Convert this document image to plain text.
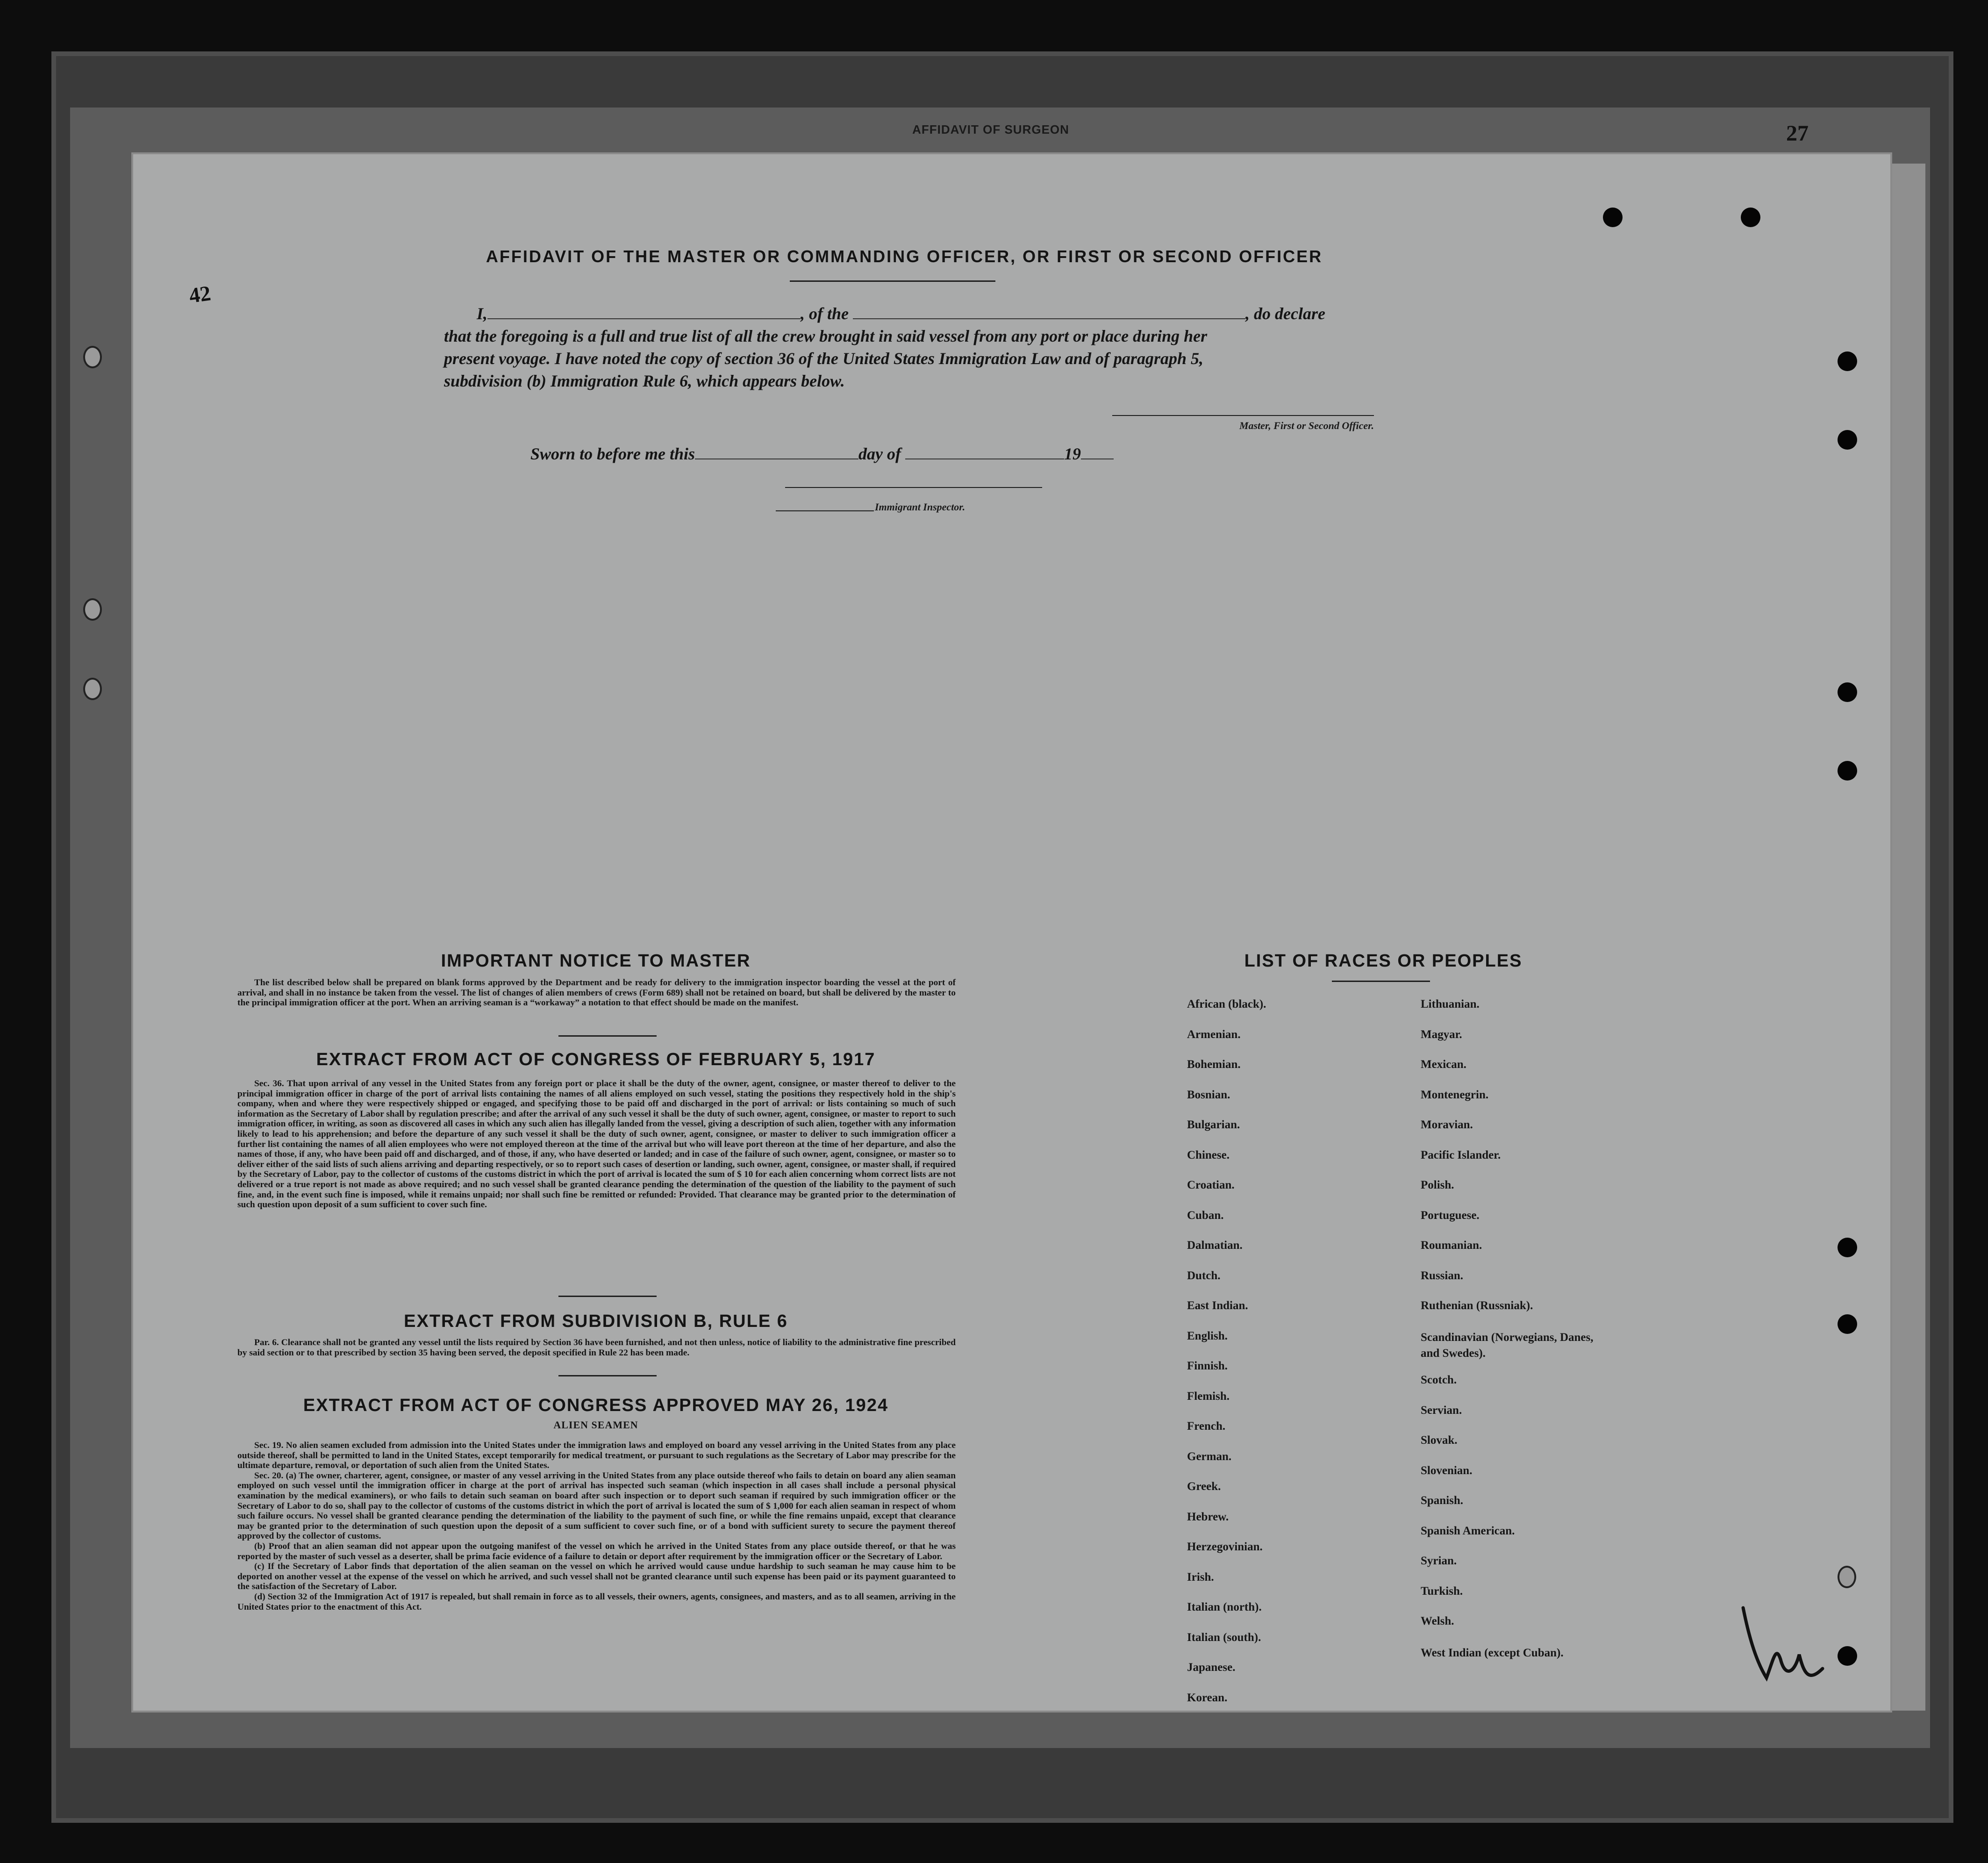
AFFIDAVIT OF SURGEON	27
AFFIDAVIT OF THE MASTER OR COMMANDING OFFICER, OR FIRST OR SECOND OFFICER
42
I,	, of the	, do declare
that the foregoing is a full and true list of all the crew brought in said vessel from any port or place during her
present voyage. I have noted the copy of section 36 of the United States Immigration Law and of paragraph 5,
subdivision (b) Immigration Rule 6, which appears below.
Master, First or Second Officer.
Sworn to before me this	day of	19
Immigrant Inspector.
IMPORTANT NOTICE TO MASTER

The list described below shall be prepared on blank forms approved by the Department and be ready for delivery to the immigration inspector boarding the vessel at the port of arrival, and shall in no instance be taken from the vessel. The list of changes of alien members of crews (Form 689) shall not be retained on board, but shall be delivered by the master to the principal immigration officer at the port. When an arriving seaman is a “workaway” a notation to that effect should be made on the manifest.

EXTRACT FROM ACT OF CONGRESS OF FEBRUARY 5, 1917

Sec. 36. That upon arrival of any vessel in the United States from any foreign port or place it shall be the duty of the owner, agent, consignee, or master thereof to deliver to the principal immigration officer in charge of the port of arrival lists containing the names of all aliens employed on such vessel, stating the positions they respectively hold in the ship's company, when and where they were respectively shipped or engaged, and specifying those to be paid off and discharged in the port of arrival: or lists containing so much of such information as the Secretary of Labor shall by regulation prescribe; and after the arrival of any such vessel it shall be the duty of such owner, agent, consignee, or master to report to such immigration officer, in writing, as soon as discovered all cases in which any such alien has illegally landed from the vessel, giving a description of such alien, together with any information likely to lead to his apprehension; and before the departure of any such vessel it shall be the duty of such owner, agent, consignee, or master to deliver to such immigration officer a further list containing the names of all alien employees who were not employed thereon at the time of the arrival but who will leave port thereon at the time of her departure, and also the names of those, if any, who have been paid off and discharged, and of those, if any, who have deserted or landed; and in case of the failure of such owner, agent, consignee, or master so to deliver either of the said lists of such aliens arriving and departing respectively, or so to report such cases of desertion or landing, such owner, agent, consignee, or master shall, if required by the Secretary of Labor, pay to the collector of customs of the customs district in which the port of arrival is located the sum of $ 10 for each alien concerning whom correct lists are not delivered or a true report is not made as above required; and no such vessel shall be granted clearance pending the determination of the question of the liability to the payment of such fine, and, in the event such fine is imposed, while it remains unpaid; nor shall such fine be remitted or refunded: Provided. That clearance may be granted prior to the determination of such question upon deposit of a sum sufficient to cover such fine.

EXTRACT FROM SUBDIVISION B, RULE 6

Par. 6. Clearance shall not be granted any vessel until the lists required by Section 36 have been furnished, and not then unless, notice of liability to the administrative fine prescribed by said section or to that prescribed by section 35 having been served, the deposit specified in Rule 22 has been made.

EXTRACT FROM ACT OF CONGRESS APPROVED MAY 26, 1924
ALIEN SEAMEN

Sec. 19. No alien seamen excluded from admission into the United States under the immigration laws and employed on board any vessel arriving in the United States from any place outside thereof, shall be permitted to land in the United States, except temporarily for medical treatment, or pursuant to such regulations as the Secretary of Labor may prescribe for the ultimate departure, removal, or deportation of such alien from the United States.

Sec. 20. (a) The owner, charterer, agent, consignee, or master of any vessel arriving in the United States from any place outside thereof who fails to detain on board any alien seaman employed on such vessel until the immigration officer in charge at the port of arrival has inspected such seaman (which inspection in all cases shall include a personal physical examination by the medical examiners), or who fails to detain such seaman on board after such inspection or to deport such seaman if required by such immigration officer or the Secretary of Labor to do so, shall pay to the collector of customs of the customs district in which the port of arrival is located the sum of $ 1,000 for each alien seaman in respect of whom such failure occurs. No vessel shall be granted clearance pending the determination of the liability to the payment of such fine, or while the fine remains unpaid, except that clearance may be granted prior to the determination of such question upon the deposit of a sum sufficient to cover such fine, or of a bond with sufficient surety to secure the payment thereof approved by the collector of customs.

(b) Proof that an alien seaman did not appear upon the outgoing manifest of the vessel on which he arrived in the United States from any place outside thereof, or that he was reported by the master of such vessel as a deserter, shall be prima facie evidence of a failure to detain or deport after requirement by the immigration officer or the Secretary of Labor.

(c) If the Secretary of Labor finds that deportation of the alien seaman on the vessel on which he arrived would cause undue hardship to such seaman he may cause him to be deported on another vessel at the expense of the vessel on which he arrived, and such vessel shall not be granted clearance until such expense has been paid or its payment guaranteed to the satisfaction of the Secretary of Labor.

(d) Section 32 of the Immigration Act of 1917 is repealed, but shall remain in force as to all vessels, their owners, agents, consignees, and masters, and as to all seamen, arriving in the United States prior to the enactment of this Act.

LIST OF RACES OR PEOPLES
African (black).
Armenian.
Bohemian.
Bosnian.
Bulgarian.
Chinese.
Croatian.
Cuban.
Dalmatian.
Dutch.
East Indian.
English.
Finnish.
Flemish.
French.
German.
Greek.
Hebrew.
Herzegovinian.
Irish.
Italian (north).
Italian (south).
Japanese.
Korean.
Lithuanian.
Magyar.
Mexican.
Montenegrin.
Moravian.
Pacific Islander.
Polish.
Portuguese.
Roumanian.
Russian.
Ruthenian (Russniak).
Scandinavian (Norwegians, Danes, and Swedes).
Scotch.
Servian.
Slovak.
Slovenian.
Spanish.
Spanish American.
Syrian.
Turkish.
Welsh.
West Indian (except Cuban).
